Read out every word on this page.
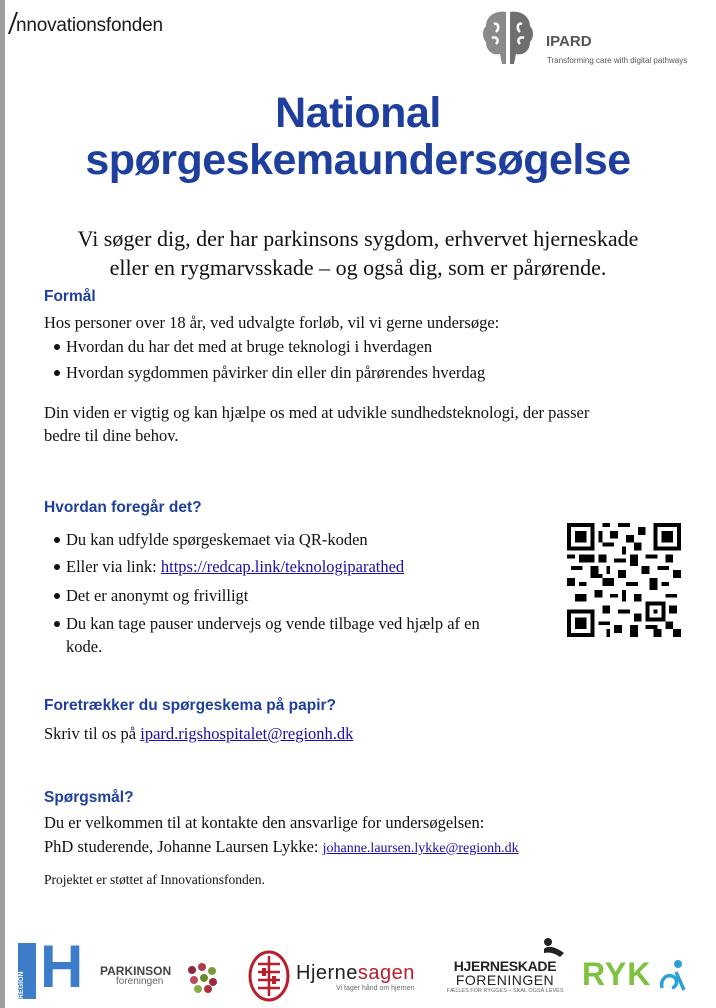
nnovationsfonden
IPARD
Transforming care with digital pathways
National
spørgeskemaundersøgelse
Vi søger dig, der har parkinsons sygdom, erhvervet hjerneskade
eller en rygmarvsskade – og også dig, som er pårørende.
Formål
Hos personer over 18 år, ved udvalgte forløb, vil vi gerne undersøge:
Hvordan du har det med at bruge teknologi i hverdagen
Hvordan sygdommen påvirker din eller din pårørendes hverdag
Din viden er vigtig og kan hjælpe os med at udvikle sundhedsteknologi, der passer
bedre til dine behov.
Hvordan foregår det?
Du kan udfylde spørgeskemaet via QR-koden
Eller via link: https://redcap.link/teknologiparathed
Det er anonymt og frivilligt
Du kan tage pauser undervejs og vende tilbage ved hjælp af en
kode.
Foretrækker du spørgeskema på papir?
Skriv til os på ipard.rigshospitalet@regionh.dk
Spørgsmål?
Du er velkommen til at kontakte den ansvarlige for undersøgelsen:
PhD studerende, Johanne Laursen Lykke: johanne.laursen.lykke@regionh.dk
Projektet er støttet af Innovationsfonden.
REGION H PARKINSON
foreningen	Hjernesagen
Vi tager hånd om hjernen
HJERNESKADE
FORENINGEN
FÆLLES FOR RYGGES – SKAL OGSÅ LEVES RYK
